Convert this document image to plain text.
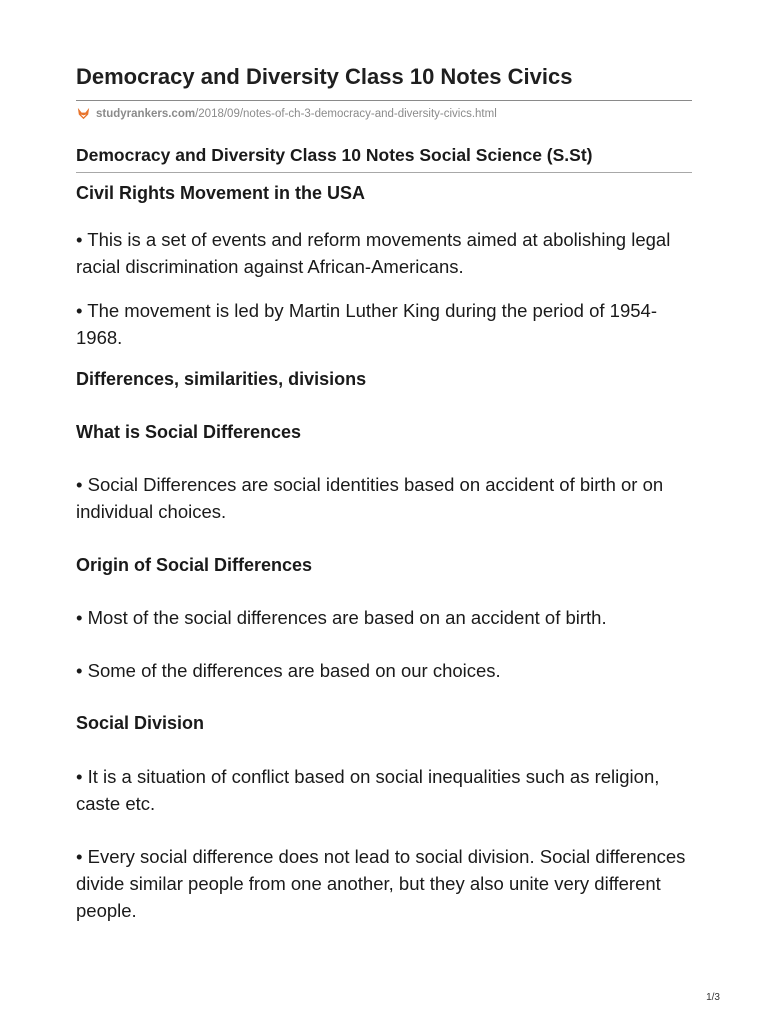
Democracy and Diversity Class 10 Notes Civics
studyrankers.com /2018/09/notes-of-ch-3-democracy-and-diversity-civics.html
Democracy and Diversity Class 10 Notes Social Science (S.St)
Civil Rights Movement in the USA

• This is a set of events and reform movements aimed at abolishing legal racial discrimination against African-Americans.

• The movement is led by Martin Luther King during the period of 1954-1968.

Differences, similarities, divisions
What is Social Differences

• Social Differences are social identities based on accident of birth or on individual choices.

Origin of Social Differences

• Most of the social differences are based on an accident of birth.

• Some of the differences are based on our choices.

Social Division

• It is a situation of conflict based on social inequalities such as religion, caste etc.

• Every social difference does not lead to social division. Social differences divide similar people from one another, but they also unite very different people.

1/3
